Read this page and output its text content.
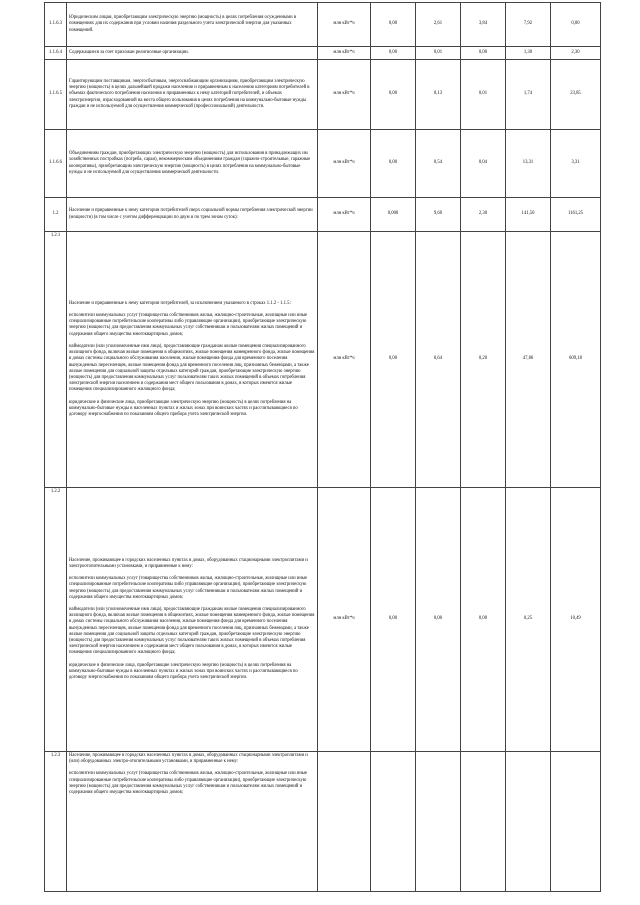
1.1.6.3	Юридическим лицам, приобретающим электрическую энергию (мощность) в целях потребления осужденными в помещениях для их содержания при условии наличия раздельного учета электрической энергии для указанных помещений.	млн кВт*ч	0,00	2,61	3,84	7,92	0,00
1.1.6.4	Содержащиеся за счет прихожан религиозные организации.	млн кВт*ч	0,00	0,01	0,00	1,30	2,30
1.1.6.5	Гарантирующим поставщикам, энергосбытовым, энергоснабжающим организациям, приобретающим электрическую энергию (мощность) в целях дальнейшей продажи населению и приравненным к населению категориям потребителей в объемах фактического потребления населения и приравненных к нему категорий потребителей, и объемах электроэнергии, израсходованной на места общего пользования в целях потребления на коммунально-бытовые нужды граждан и не используемой для осуществления коммерческой (профессиональной) деятельности.	млн кВт*ч	0,00	0,13	0,01	1,74	23,85
1.1.6.6	Объединениям граждан, приобретающих электрическую энергию (мощность) для использования в принадлежащих им хозяйственных постройках (погреба, сараи), некоммерческим объединениям граждан (гаражно-строительные, гаражные кооперативы), приобретающим электрическую энергию (мощность) в целях потребления на коммунально-бытовые нужды и не используемой для осуществления коммерческой деятельности.	млн кВт*ч	0,00	0,54	0,04	13,31	3,31
1.2	Население и приравненные к нему категории потребителей сверх социальной нормы потребления электрической энергии (мощности) (в том числе с учетом дифференциации по двум и по трем зонам суток):	млн кВт*ч	0,000	9,60	2,30	141,50	1161,25
1.2.1	Население и приравненные к нему категории потребителей, за исключением указанного в строках 1.1.2 - 1.1.5:

исполнители коммунальных услуг (товарищества собственников жилья, жилищно-строительные, жилищные или иные специализированные потребительские кооперативы либо управляющие организации), приобретающие электрическую энергию (мощность) для предоставления коммунальных услуг собственникам и пользователям жилых помещений и содержания общего имущества многоквартирных домов;

наймодатели (или уполномоченные ими лица), предоставляющие гражданам жилые помещения специализированного жилищного фонда, включая жилые помещения в общежитиях, жилые помещения маневренного фонда, жилые помещения в домах системы социального обслуживания населения, жилые помещения фонда для временного поселения вынужденных переселенцев, жилые помещения фонда для временного поселения лиц, признанных беженцами, а также жилые помещения для социальной защиты отдельных категорий граждан, приобретающие электрическую энергию (мощность) для предоставления коммунальных услуг пользователям таких жилых помещений в объемах потребления электрической энергии населением и содержания мест общего пользования в домах, в которых имеются жилые помещения специализированного жилищного фонда;

юридические и физические лица, приобретающие электрическую энергию (мощность) в целях потребления на коммунально-бытовые нужды в населенных пунктах и жилых зонах при воинских частях и рассчитывающиеся по договору энергоснабжения по показаниям общего прибора учета электрической энергии.	млн кВт*ч	0,00	0,64	0,20	47,86	609,18
1.2.2	Население, проживающее в городских населенных пунктах в домах, оборудованных стационарными электроплитами и электроотопительными установками, и приравненные к нему:

исполнители коммунальных услуг (товарищества собственников жилья, жилищно-строительные, жилищные или иные специализированные потребительские кооперативы либо управляющие организации), приобретающие электрическую энергию (мощность) для предоставления коммунальных услуг собственникам и пользователям жилых помещений и содержания общего имущества многоквартирных домов;

наймодатели (или уполномоченные ими лица), предоставляющие гражданам жилые помещения специализированного жилищного фонда, включая жилые помещения в общежитиях, жилые помещения маневренного фонда, жилые помещения в домах системы социального обслуживания населения, жилые помещения фонда для временного поселения вынужденных переселенцев, жилые помещения фонда для временного поселения лиц, признанных беженцами, а также жилые помещения для социальной защиты отдельных категорий граждан, приобретающие электрическую энергию (мощность) для предоставления коммунальных услуг пользователям таких жилых помещений в объемах потребления электрической энергии населением и содержания мест общего пользования в домах, в которых имеются жилые помещения специализированного жилищного фонда;

юридические и физические лица, приобретающие электрическую энергию (мощность) в целях потребления на коммунально-бытовые нужды в населенных пунктах и жилых зонах при воинских частях и рассчитывающиеся по договору энергоснабжения по показаниям общего прибора учета электрической энергии.	млн кВт*ч	0,00	0,00	0,00	0,25	10,49
1.2.3	Население, проживающее в городских населенных пунктах в домах, оборудованных стационарными электроплитами и (или) оборудованных электро-отопительными установками, и приравненные к нему:

исполнители коммунальных услуг (товарищества собственников жилья, жилищно-строительные, жилищные или иные специализированные потребительские кооперативы либо управляющие организации), приобретающие электрическую энергию (мощность) для предоставления коммунальных услуг собственникам и пользователям жилых помещений и содержания общего имущества многоквартирных домов;						
